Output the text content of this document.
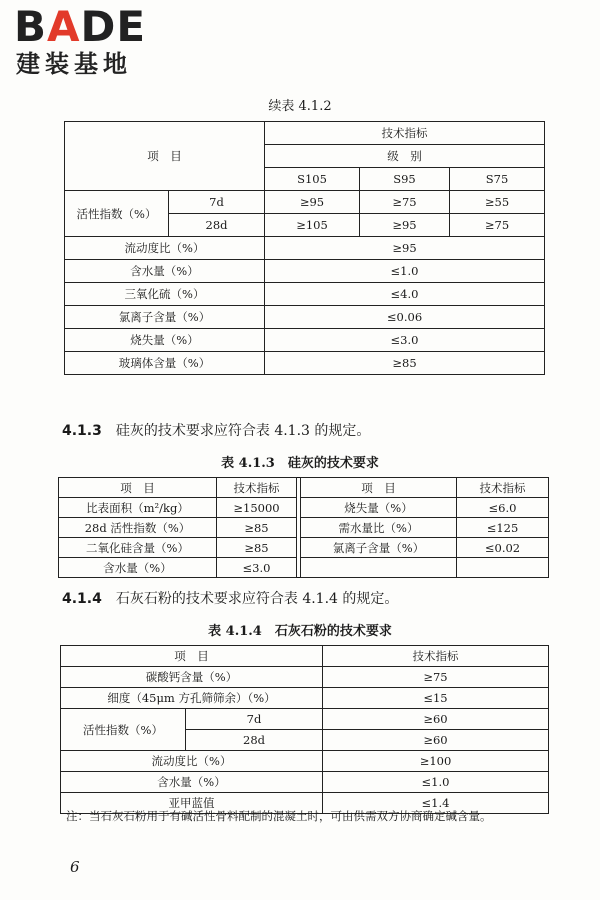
BADE
建装基地
续表 4.1.2
项　目		技术指标		
		级　别		
		S105	S95	S75
活性指数（%）	7d	≥95	≥75	≥55
	28d	≥105	≥95	≥75
流动度比（%）		≥95		
含水量（%）		≤1.0		
三氧化硫（%）		≤4.0		
氯离子含量（%）		≤0.06		
烧失量（%）		≤3.0		
玻璃体含量（%）		≥85		
4.1.3 硅灰的技术要求应符合表 4.1.3 的规定。
表 4.1.3　硅灰的技术要求
项　目	技术指标		项　目	技术指标
比表面积（m²/kg）	≥15000		烧失量（%）	≤6.0
28d 活性指数（%）	≥85		需水量比（%）	≤125
二氧化硅含量（%）	≥85		氯离子含量（%）	≤0.02
含水量（%）	≤3.0			
4.1.4 石灰石粉的技术要求应符合表 4.1.4 的规定。
表 4.1.4　石灰石粉的技术要求
项　目		技术指标
碳酸钙含量（%）		≥75
细度（45μm 方孔筛筛余）（%）		≤15
活性指数（%）	7d	≥60
	28d	≥60
流动度比（%）		≥100
含水量（%）		≤1.0
亚甲蓝值		≤1.4
注：当石灰石粉用于有碱活性骨料配制的混凝土时，可由供需双方协商确定碱含量。
6
